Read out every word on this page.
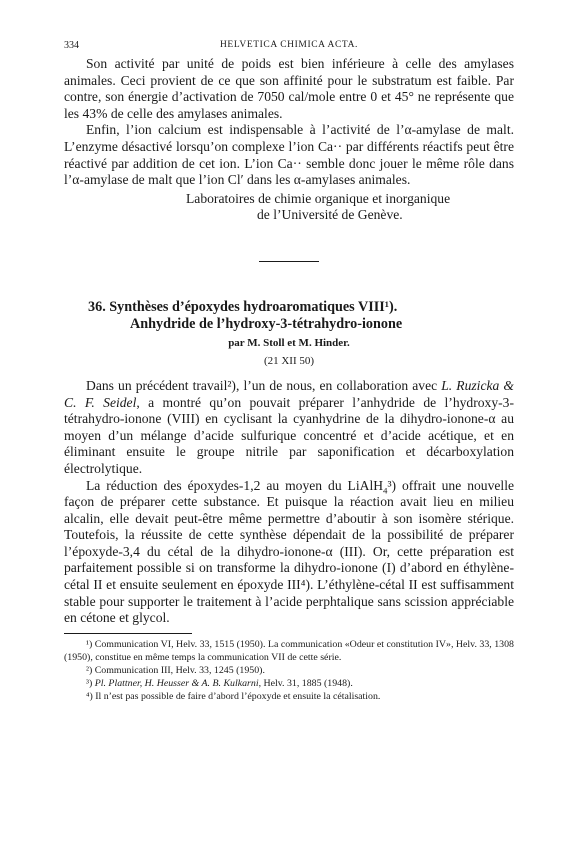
334	HELVETICA CHIMICA ACTA.

Son activité par unité de poids est bien inférieure à celle des amylases animales. Ceci provient de ce que son affinité pour le substratum est faible. Par contre, son énergie d’activation de 7050 cal/mole entre 0 et 45° ne représente que les 43% de celle des amylases animales.

Enfin, l’ion calcium est indispensable à l’activité de l’α-amylase de malt. L’enzyme désactivé lorsqu’on complexe l’ion Ca·· par différents réactifs peut être réactivé par addition de cet ion. L’ion Ca·· semble donc jouer le même rôle dans l’α-amylase de malt que l’ion Cl′ dans les α-amylases animales.

Laboratoires de chimie organique et inorganique
de l’Université de Genève.
36. Synthèses d’époxydes hydroaromatiques VIII¹).
Anhydride de l’hydroxy-3-tétrahydro-ionone
par M. Stoll et M. Hinder.
(21 XII 50)

Dans un précédent travail²), l’un de nous, en collaboration avec L. Ruzicka & C. F. Seidel, a montré qu’on pouvait préparer l’anhydride de l’hydroxy-3-tétrahydro-ionone (VIII) en cyclisant la cyanhydrine de la dihydro-ionone-α au moyen d’un mélange d’acide sulfurique concentré et d’acide acétique, et en éliminant ensuite le groupe nitrile par saponification et décarboxylation électrolytique.

La réduction des époxydes-1,2 au moyen du LiAlH$_4$³) offrait une nouvelle façon de préparer cette substance. Et puisque la réaction avait lieu en milieu alcalin, elle devait peut-être même permettre d’aboutir à son isomère stérique. Toutefois, la réussite de cette synthèse dépendait de la possibilité de préparer l’époxyde-3,4 du cétal de la dihydro-ionone-α (III). Or, cette préparation est parfaitement possible si on transforme la dihydro-ionone (I) d’abord en éthylène-cétal II et ensuite seulement en époxyde III⁴). L’éthylène-cétal II est suffisamment stable pour supporter le traitement à l’acide perphtalique sans scission appréciable en cétone et glycol.

¹) Communication VI, Helv. 33, 1515 (1950). La communication «Odeur et constitution IV», Helv. 33, 1308 (1950), constitue en même temps la communication VII de cette série.

²) Communication III, Helv. 33, 1245 (1950).

³) Pl. Plattner, H. Heusser & A. B. Kulkarni, Helv. 31, 1885 (1948).

⁴) Il n’est pas possible de faire d’abord l’époxyde et ensuite la cétalisation.
